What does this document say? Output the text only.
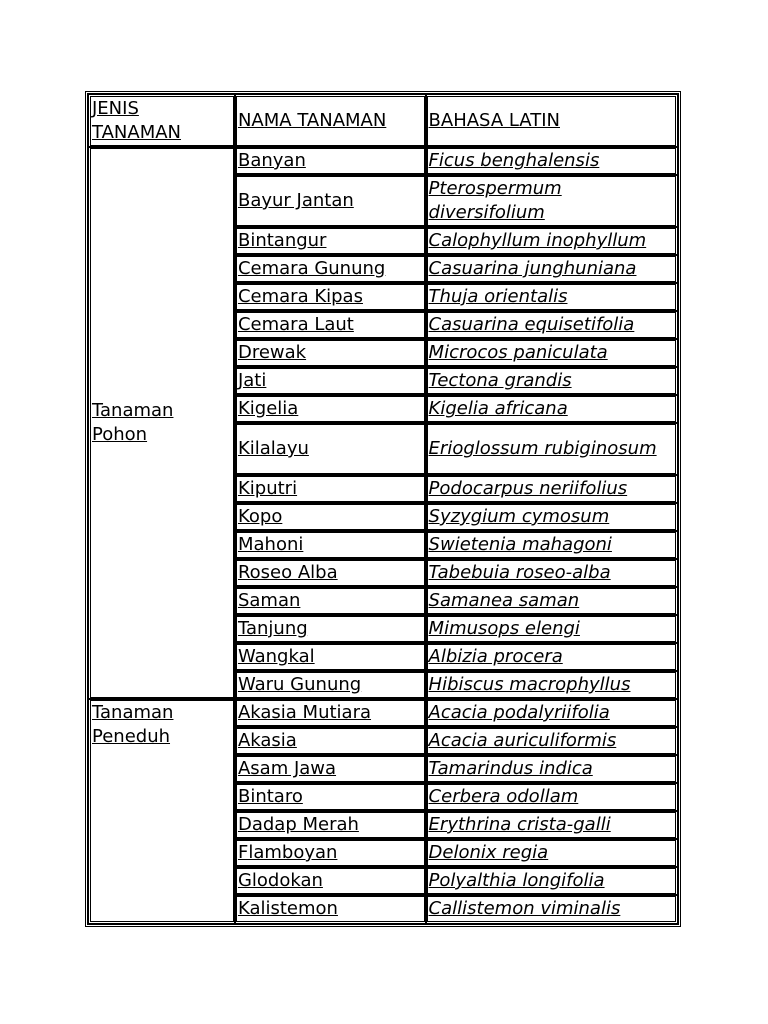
JENIS TANAMAN	NAMA TANAMAN	BAHASA LATIN
Tanaman Pohon	Banyan	Ficus benghalensis
	Bayur Jantan	Pterospermum diversifolium
	Bintangur	Calophyllum inophyllum
	Cemara Gunung	Casuarina junghuniana
	Cemara Kipas	Thuja orientalis
	Cemara Laut	Casuarina equisetifolia
	Drewak	Microcos paniculata
	Jati	Tectona grandis
	Kigelia	Kigelia africana
	Kilalayu	Erioglossum rubiginosum
	Kiputri	Podocarpus neriifolius
	Kopo	Syzygium cymosum
	Mahoni	Swietenia mahagoni
	Roseo Alba	Tabebuia roseo-alba
	Saman	Samanea saman
	Tanjung	Mimusops elengi
	Wangkal	Albizia procera
	Waru Gunung	Hibiscus macrophyllus
Tanaman Peneduh	Akasia Mutiara	Acacia podalyriifolia
	Akasia	Acacia auriculiformis
	Asam Jawa	Tamarindus indica
	Bintaro	Cerbera odollam
	Dadap Merah	Erythrina crista-galli
	Flamboyan	Delonix regia
	Glodokan	Polyalthia longifolia
	Kalistemon	Callistemon viminalis
